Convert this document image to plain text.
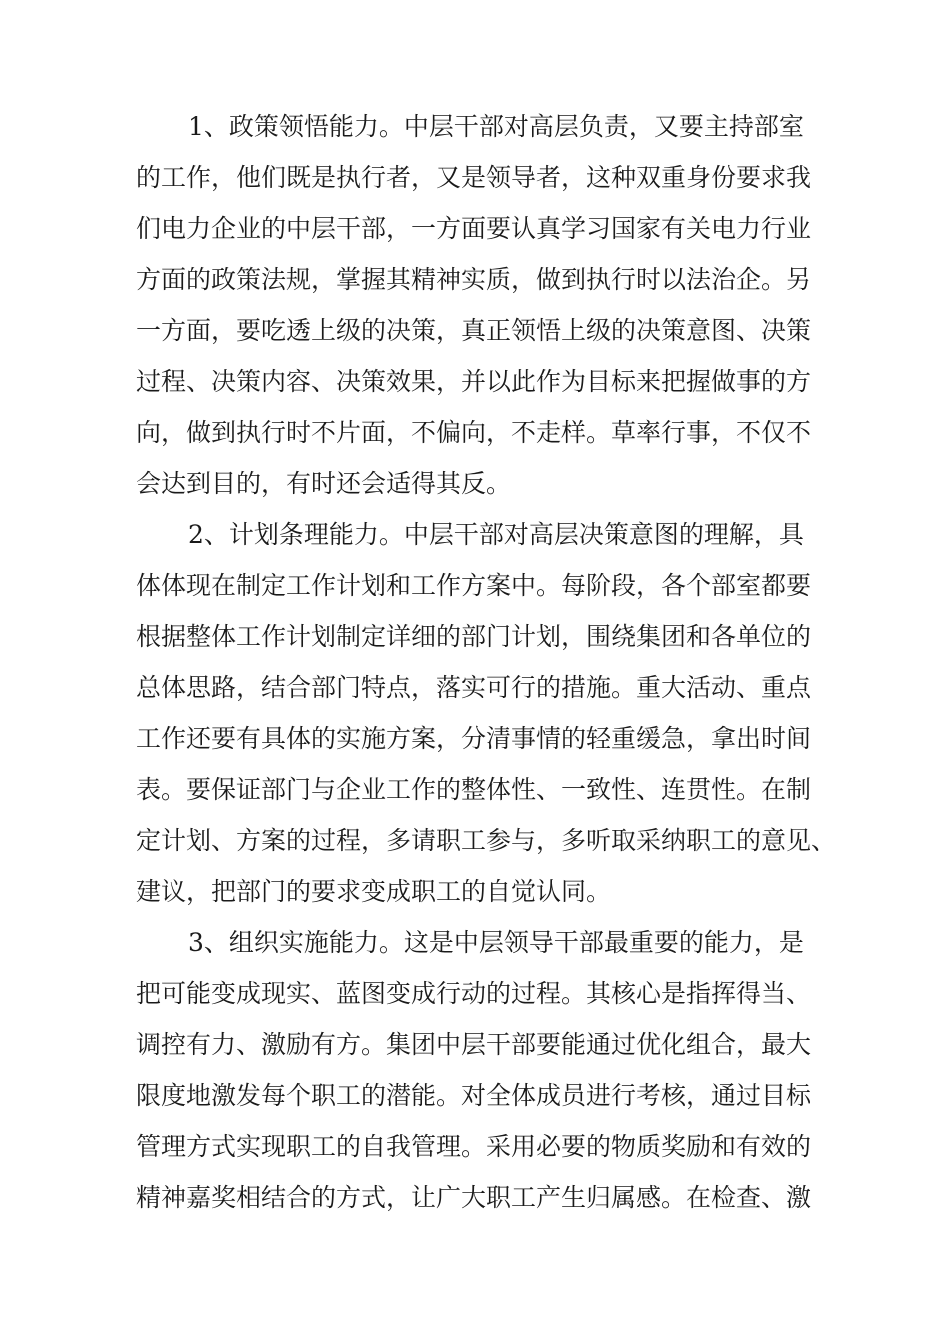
1、政策领悟能力。中层干部对高层负责，又要主持部室
的工作，他们既是执行者，又是领导者，这种双重身份要求我
们电力企业的中层干部，一方面要认真学习国家有关电力行业
方面的政策法规，掌握其精神实质，做到执行时以法治企。另
一方面，要吃透上级的决策，真正领悟上级的决策意图、决策
过程、决策内容、决策效果，并以此作为目标来把握做事的方
向，做到执行时不片面，不偏向，不走样。草率行事，不仅不
会达到目的，有时还会适得其反。
2、计划条理能力。中层干部对高层决策意图的理解，具
体体现在制定工作计划和工作方案中。每阶段，各个部室都要
根据整体工作计划制定详细的部门计划，围绕集团和各单位的
总体思路，结合部门特点，落实可行的措施。重大活动、重点
工作还要有具体的实施方案，分清事情的轻重缓急，拿出时间
表。要保证部门与企业工作的整体性、一致性、连贯性。在制
定计划、方案的过程，多请职工参与，多听取采纳职工的意见、
建议，把部门的要求变成职工的自觉认同。
3、组织实施能力。这是中层领导干部最重要的能力，是
把可能变成现实、蓝图变成行动的过程。其核心是指挥得当、
调控有力、激励有方。集团中层干部要能通过优化组合，最大
限度地激发每个职工的潜能。对全体成员进行考核，通过目标
管理方式实现职工的自我管理。采用必要的物质奖励和有效的
精神嘉奖相结合的方式，让广大职工产生归属感。在检查、激
